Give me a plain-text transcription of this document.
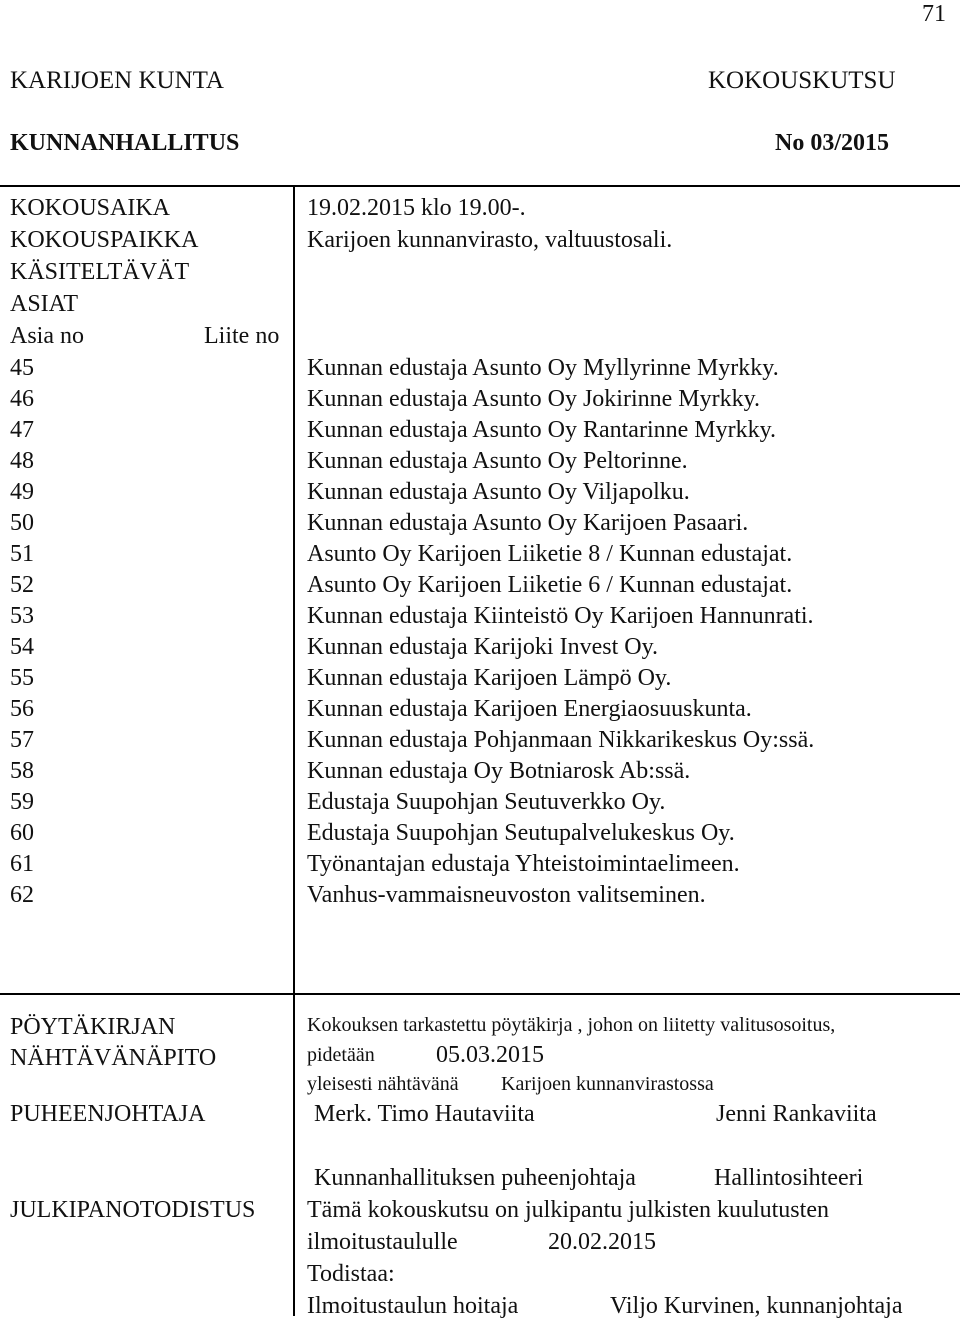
71
KARIJOEN KUNTA	KOKOUSKUTSU
KUNNANHALLITUS	No 03/2015
KOKOUSAIKA	19.02.2015 klo 19.00-.
KOKOUSPAIKKA	Karijoen kunnanvirasto, valtuustosali.
KÄSITELTÄVÄT
ASIAT
Asia no	Liite no
45	Kunnan edustaja Asunto Oy Myllyrinne Myrkky.
46	Kunnan edustaja Asunto Oy Jokirinne Myrkky.
47	Kunnan edustaja Asunto Oy Rantarinne Myrkky.
48	Kunnan edustaja Asunto Oy Peltorinne.
49	Kunnan edustaja Asunto Oy Viljapolku.
50	Kunnan edustaja Asunto Oy Karijoen Pasaari.
51	Asunto Oy Karijoen Liiketie 8 / Kunnan edustajat.
52	Asunto Oy Karijoen Liiketie 6 / Kunnan edustajat.
53	Kunnan edustaja Kiinteistö Oy Karijoen Hannunrati.
54	Kunnan edustaja Karijoki Invest Oy.
55	Kunnan edustaja Karijoen Lämpö Oy.
56	Kunnan edustaja Karijoen Energiaosuuskunta.
57	Kunnan edustaja Pohjanmaan Nikkarikeskus Oy:ssä.
58	Kunnan edustaja Oy Botniarosk Ab:ssä.
59	Edustaja Suupohjan Seutuverkko Oy.
60	Edustaja Suupohjan Seutupalvelukeskus Oy.
61	Työnantajan edustaja Yhteistoimintaelimeen.
62	Vanhus-vammaisneuvoston valitseminen.
PÖYTÄKIRJAN
NÄHTÄVÄNÄPITO
Kokouksen tarkastettu pöytäkirja , johon on liitetty valitusosoitus,
pidetään	05.03.2015
yleisesti nähtävänä Karijoen kunnanvirastossa
PUHEENJOHTAJA	Merk. Timo Hautaviita	Jenni Rankaviita
Kunnanhallituksen puheenjohtaja	Hallintosihteeri
JULKIPANOTODISTUS Tämä kokouskutsu on julkipantu julkisten kuulutusten
ilmoitustaululle	20.02.2015
Todistaa:
Ilmoitustaulun hoitaja	Viljo Kurvinen, kunnanjohtaja
